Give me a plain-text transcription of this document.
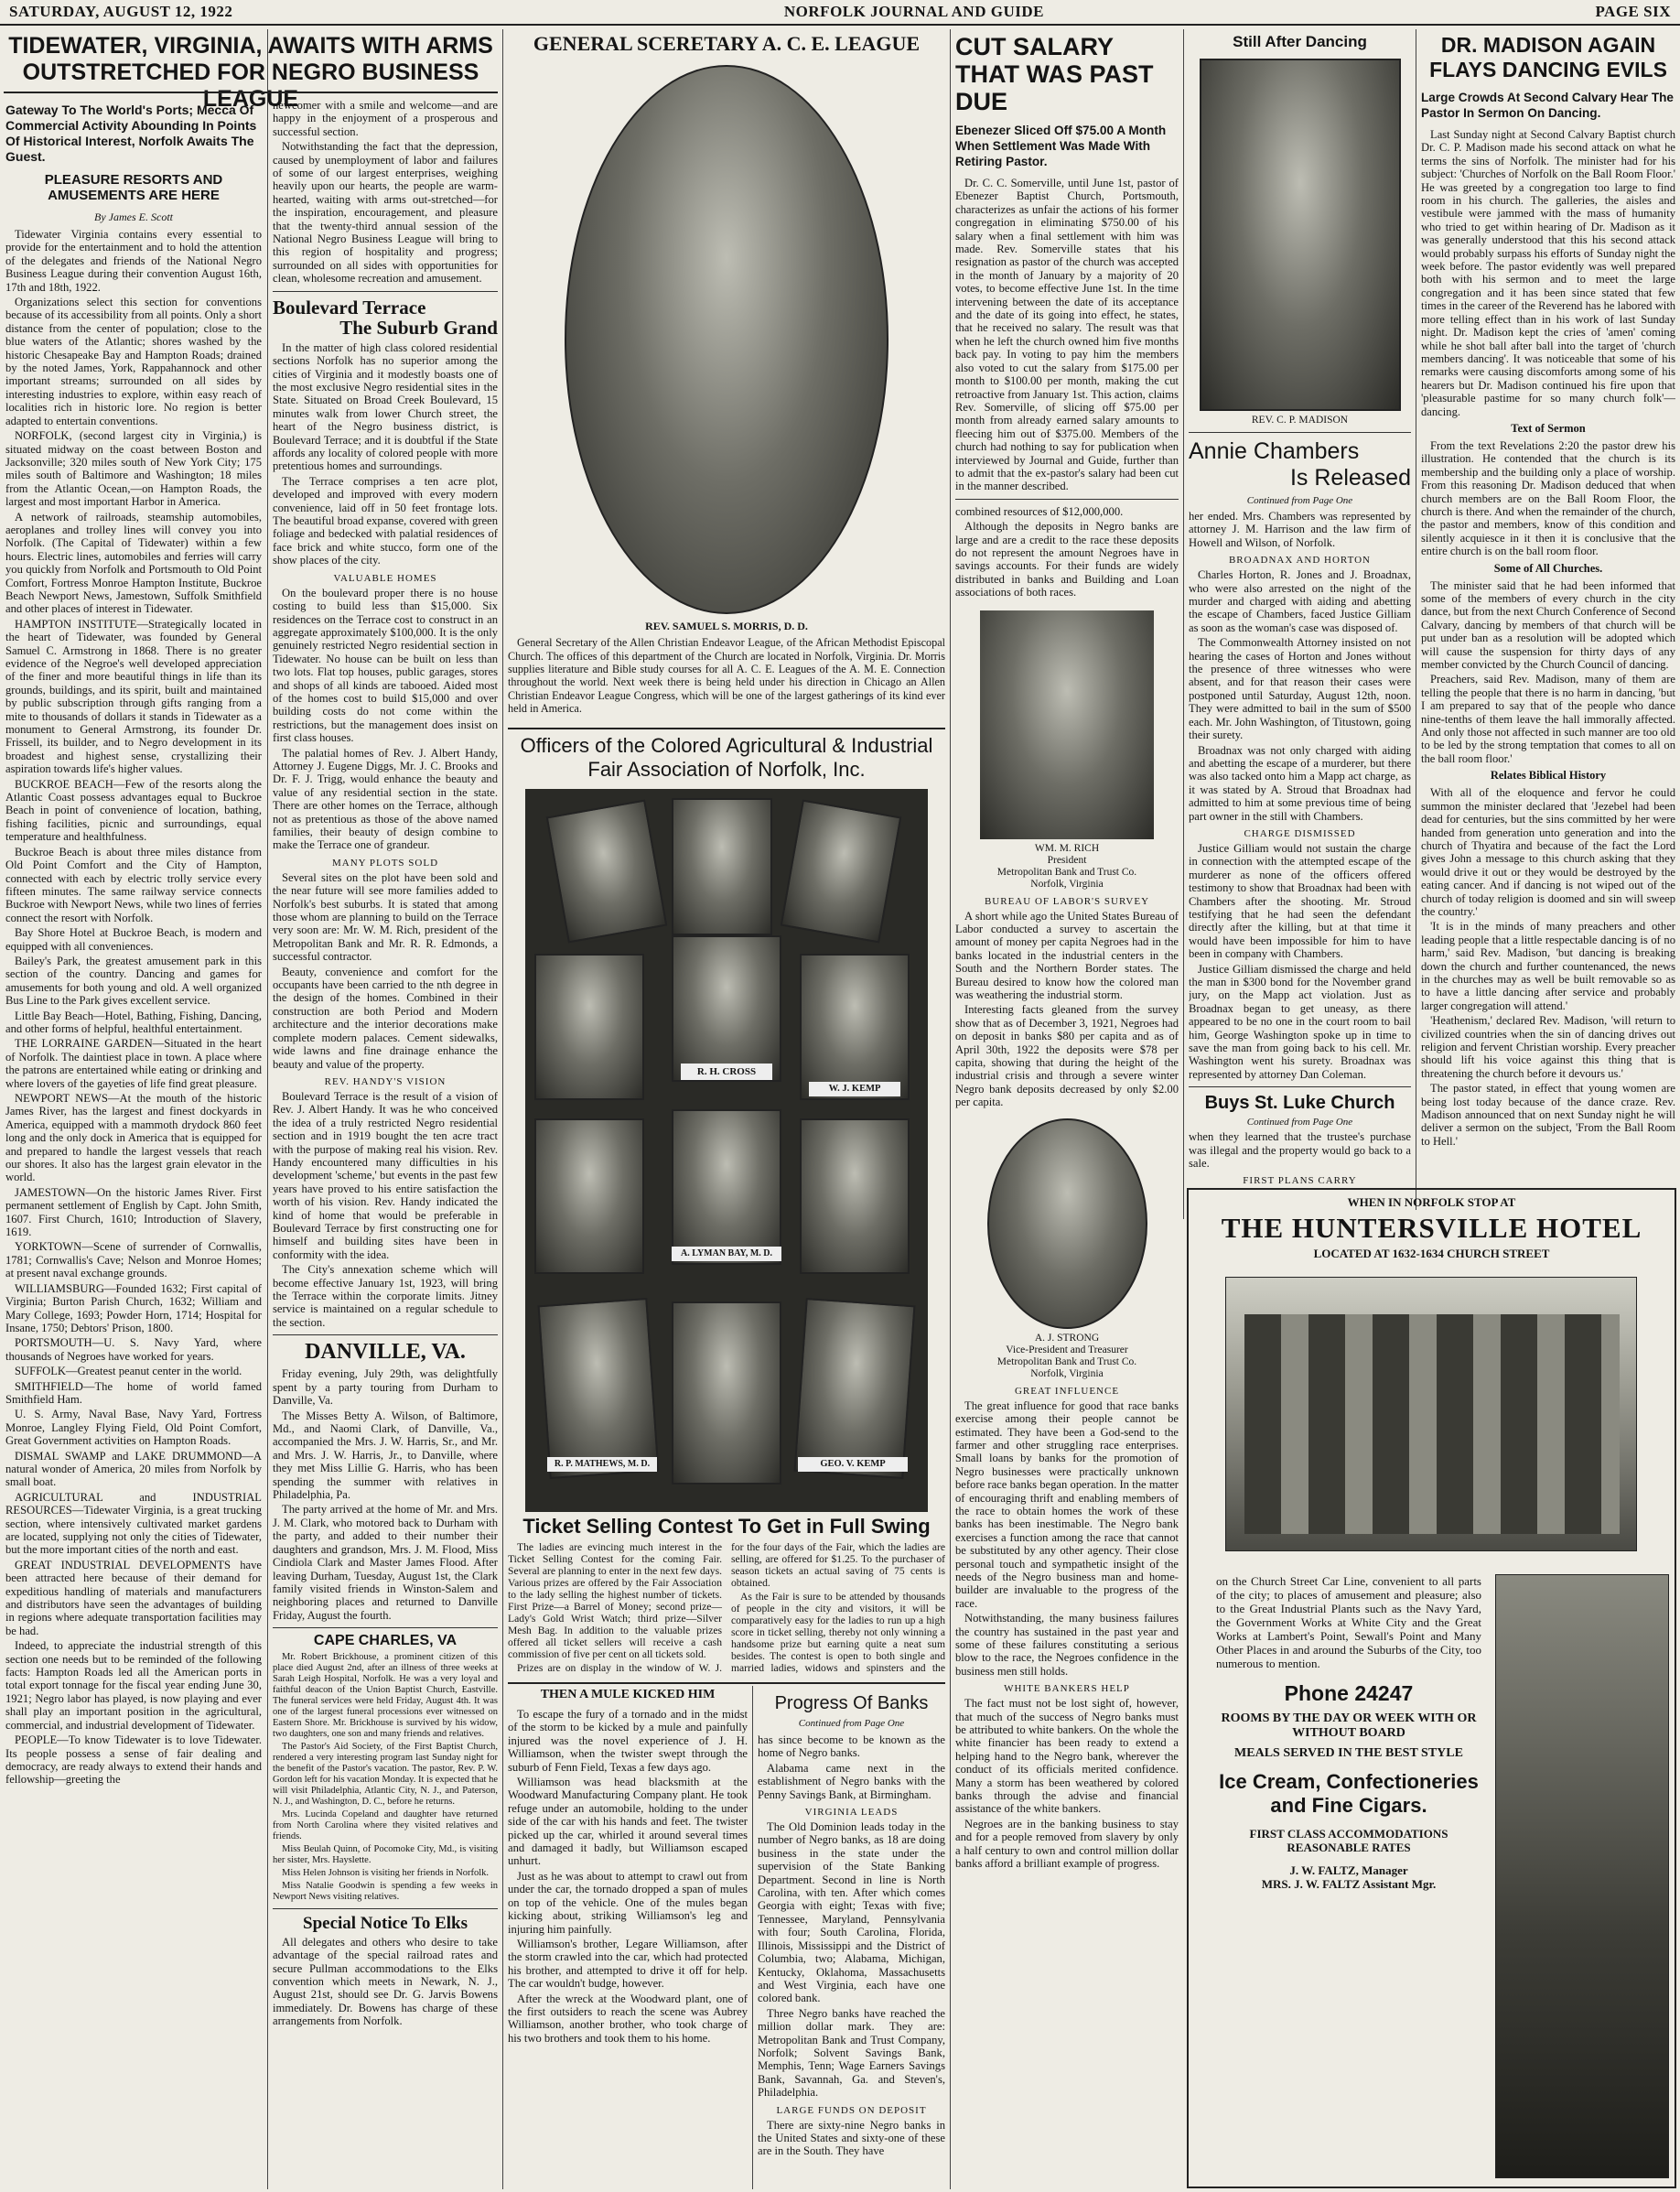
SATURDAY, AUGUST 12, 1922	NORFOLK JOURNAL AND GUIDE	PAGE SIX
TIDEWATER, VIRGINIA, AWAITS WITH ARMS OUTSTRETCHED FOR NEGRO BUSINESS LEAGUE
Gateway To The World's Ports; Mecca Of Commercial Activity Abounding In Points Of Historical Interest, Norfolk Awaits The Guest.
PLEASURE RESORTS AND AMUSEMENTS ARE HERE
By James E. Scott

Tidewater Virginia contains every essential to provide for the entertainment and to hold the attention of the delegates and friends of the National Negro Business League during their convention August 16th, 17th and 18th, 1922.

Organizations select this section for conventions because of its accessibility from all points. Only a short distance from the center of population; close to the blue waters of the Atlantic; shores washed by the historic Chesapeake Bay and Hampton Roads; drained by the noted James, York, Rappahannock and other important streams; surrounded on all sides by interesting industries to explore, within easy reach of localities rich in historic lore. No region is better adapted to entertain conventions.

NORFOLK, (second largest city in Virginia,) is situated midway on the coast between Boston and Jacksonville; 320 miles south of New York City; 175 miles south of Baltimore and Washington; 18 miles from the Atlantic Ocean,—on Hampton Roads, the largest and most important Harbor in America.

A network of railroads, steamship automobiles, aeroplanes and trolley lines will convey you into Norfolk. (The Capital of Tidewater) within a few hours. Electric lines, automobiles and ferries will carry you quickly from Norfolk and Portsmouth to Old Point Comfort, Fortress Monroe Hampton Institute, Buckroe Beach Newport News, Jamestown, Suffolk Smithfield and other places of interest in Tidewater.

HAMPTON INSTITUTE—Strategically located in the heart of Tidewater, was founded by General Samuel C. Armstrong in 1868. There is no greater evidence of the Negroe's well developed appreciation of the finer and more beautiful things in life than its grounds, buildings, and its spirit, built and maintained by public subscription through gifts ranging from a mite to thousands of dollars it stands in Tidewater as a monument to General Armstrong, its founder Dr. Frissell, its builder, and to Negro development in its broadest and highest sense, crystallizing their aspiration towards life's higher values.

BUCKROE BEACH—Few of the resorts along the Atlantic Coast possess advantages equal to Buckroe Beach in point of convenience of location, bathing, fishing facilities, picnic and surroundings, equal temperature and healthfulness.

Buckroe Beach is about three miles distance from Old Point Comfort and the City of Hampton, connected with each by electric trolly service every fifteen minutes. The same railway service connects Buckroe with Newport News, while two lines of ferries connect the resort with Norfolk.

Bay Shore Hotel at Buckroe Beach, is modern and equipped with all conveniences.

Bailey's Park, the greatest amusement park in this section of the country. Dancing and games for amusements for both young and old. A well organized Bus Line to the Park gives excellent service.

Little Bay Beach—Hotel, Bathing, Fishing, Dancing, and other forms of helpful, healthful entertainment.

THE LORRAINE GARDEN—Situated in the heart of Norfolk. The daintiest place in town. A place where the patrons are entertained while eating or drinking and where lovers of the gayeties of life find great pleasure.

NEWPORT NEWS—At the mouth of the historic James River, has the largest and finest dockyards in America, equipped with a mammoth drydock 860 feet long and the only dock in America that is equipped for and prepared to handle the largest vessels that reach our shores. It also has the largest grain elevator in the world.

JAMESTOWN—On the historic James River. First permanent settlement of English by Capt. John Smith, 1607. First Church, 1610; Introduction of Slavery, 1619.

YORKTOWN—Scene of surrender of Cornwallis, 1781; Cornwallis's Cave; Nelson and Monroe Homes; at present naval exchange grounds.

WILLIAMSBURG—Founded 1632; First capital of Virginia; Burton Parish Church, 1632; William and Mary College, 1693; Powder Horn, 1714; Hospital for Insane, 1750; Debtors' Prison, 1800.

PORTSMOUTH—U. S. Navy Yard, where thousands of Negroes have worked for years.

SUFFOLK—Greatest peanut center in the world.

SMITHFIELD—The home of world famed Smithfield Ham.

U. S. Army, Naval Base, Navy Yard, Fortress Monroe, Langley Flying Field, Old Point Comfort, Great Government activities on Hampton Roads.

DISMAL SWAMP and LAKE DRUMMOND—A natural wonder of America, 20 miles from Norfolk by small boat.

AGRICULTURAL and INDUSTRIAL RESOURCES—Tidewater Virginia, is a great trucking section, where intensively cultivated market gardens are located, supplying not only the cities of Tidewater, but the more important cities of the north and east.

GREAT INDUSTRIAL DEVELOPMENTS have been attracted here because of their demand for expeditious handling of materials and manufacturers and distributors have seen the advantages of building in regions where adequate transportation facilities may be had.

Indeed, to appreciate the industrial strength of this section one needs but to be reminded of the following facts: Hampton Roads led all the American ports in total export tonnage for the fiscal year ending June 30, 1921; Negro labor has played, is now playing and ever shall play an important position in the agricultural, commercial, and industrial development of Tidewater.

PEOPLE—To know Tidewater is to love Tidewater. Its people possess a sense of fair dealing and democracy, are ready always to extend their hands and fellowship—greeting the

newcomer with a smile and welcome—and are happy in the enjoyment of a prosperous and successful section.

Notwithstanding the fact that the depression, caused by unemployment of labor and failures of some of our largest enterprises, weighing heavily upon our hearts, the people are warm-hearted, waiting with arms out-stretched—for the inspiration, encouragement, and pleasure that the twenty-third annual session of the National Negro Business League will bring to this region of hospitality and progress; surrounded on all sides with opportunities for clean, wholesome recreation and amusement.

Boulevard Terrace
The Suburb Grand

In the matter of high class colored residential sections Norfolk has no superior among the cities of Virginia and it modestly boasts one of the most exclusive Negro residential sites in the State. Situated on Broad Creek Boulevard, 15 minutes walk from lower Church street, the heart of the Negro business district, is Boulevard Terrace; and it is doubtful if the State affords any locality of colored people with more pretentious homes and surroundings.

The Terrace comprises a ten acre plot, developed and improved with every modern convenience, laid off in 50 feet frontage lots. The beautiful broad expanse, covered with green foliage and bedecked with palatial residences of face brick and white stucco, form one of the show places of the city.

VALUABLE HOMES

On the boulevard proper there is no house costing to build less than $15,000. Six residences on the Terrace cost to construct in an aggregate approximately $100,000. It is the only genuinely restricted Negro residential section in Tidewater. No house can be built on less than two lots. Flat top houses, public garages, stores and shops of all kinds are tabooed. Aided most of the homes cost to build $15,000 and over building costs do not come within the restrictions, but the management does insist on first class houses.

The palatial homes of Rev. J. Albert Handy, Attorney J. Eugene Diggs, Mr. J. C. Brooks and Dr. F. J. Trigg, would enhance the beauty and value of any residential section in the state. There are other homes on the Terrace, although not as pretentious as those of the above named families, their beauty of design combine to make the Terrace one of grandeur.

MANY PLOTS SOLD

Several sites on the plot have been sold and the near future will see more families added to Norfolk's best suburbs. It is stated that among those whom are planning to build on the Terrace very soon are: Mr. W. M. Rich, president of the Metropolitan Bank and Mr. R. R. Edmonds, a successful contractor.

Beauty, convenience and comfort for the occupants have been carried to the nth degree in the design of the homes. Combined in their construction are both Period and Modern architecture and the interior decorations make complete modern palaces. Cement sidewalks, wide lawns and fine drainage enhance the beauty and value of the property.

REV. HANDY'S VISION

Boulevard Terrace is the result of a vision of Rev. J. Albert Handy. It was he who conceived the idea of a truly restricted Negro residential section and in 1919 bought the ten acre tract with the purpose of making real his vision. Rev. Handy encountered many difficulties in his development 'scheme,' but events in the past few years have proved to his entire satisfaction the worth of his vision. Rev. Handy indicated the kind of home that would be preferable in Boulevard Terrace by first constructing one for himself and building sites have been in conformity with the idea.

The City's annexation scheme which will become effective January 1st, 1923, will bring the Terrace within the corporate limits. Jitney service is maintained on a regular schedule to the section.

DANVILLE, VA.

Friday evening, July 29th, was delightfully spent by a party touring from Durham to Danville, Va.

The Misses Betty A. Wilson, of Baltimore, Md., and Naomi Clark, of Danville, Va., accompanied the Mrs. J. W. Harris, Sr., and Mr. and Mrs. J. W. Harris, Jr., to Danville, where they met Miss Lillie G. Harris, who has been spending the summer with relatives in Philadelphia, Pa.

The party arrived at the home of Mr. and Mrs. J. M. Clark, who motored back to Durham with the party, and added to their number their daughters and grandson, Mrs. J. M. Flood, Miss Cindiola Clark and Master James Flood. After leaving Durham, Tuesday, August 1st, the Clark family visited friends in Winston-Salem and neighboring places and returned to Danville Friday, August the fourth.

CAPE CHARLES, VA

Mr. Robert Brickhouse, a prominent citizen of this place died August 2nd, after an illness of three weeks at Sarah Leigh Hospital, Norfolk. He was a very loyal and faithful deacon of the Union Baptist Church, Eastville. The funeral services were held Friday, August 4th. It was one of the largest funeral processions ever witnessed on Eastern Shore. Mr. Brickhouse is survived by his widow, two daughters, one son and many friends and relatives.

The Pastor's Aid Society, of the First Baptist Church, rendered a very interesting program last Sunday night for the benefit of the Pastor's vacation. The pastor, Rev. P. W. Gordon left for his vacation Monday. It is expected that he will visit Philadelphia, Atlantic City, N. J., and Paterson, N. J., and Washington, D. C., before he returns.

Mrs. Lucinda Copeland and daughter have returned from North Carolina where they visited relatives and friends.

Miss Beulah Quinn, of Pocomoke City, Md., is visiting her sister, Mrs. Hayslette.

Miss Helen Johnson is visiting her friends in Norfolk.

Miss Natalie Goodwin is spending a few weeks in Newport News visiting relatives.

Special Notice To Elks

All delegates and others who desire to take advantage of the special railroad rates and secure Pullman accommodations to the Elks convention which meets in Newark, N. J., August 21st, should see Dr. G. Jarvis Bowens immediately. Dr. Bowens has charge of these arrangements from Norfolk.

GENERAL SCERETARY A. C. E. LEAGUE
REV. SAMUEL S. MORRIS, D. D.

General Secretary of the Allen Christian Endeavor League, of the African Methodist Episcopal Church. The offices of this department of the Church are located in Norfolk, Virginia. Dr. Morris supplies literature and Bible study courses for all A. C. E. Leagues of the A. M. E. Connection throughout the world. Next week there is being held under his direction in Chicago an Allen Christian Endeavor League Congress, which will be one of the largest gatherings of its kind ever held in America.

Officers of the Colored Agricultural & Industrial Fair Association of Norfolk, Inc.
R. H. CROSS
W. J. KEMP
A. LYMAN BAY, M. D.
R. P. MATHEWS, M. D.	GEO. V. KEMP
Ticket Selling Contest To Get in Full Swing

The ladies are evincing much interest in the Ticket Selling Contest for the coming Fair. Several are planning to enter in the next few days. Various prizes are offered by the Fair Association to the lady selling the highest number of tickets. First Prize—a Barrel of Money; second prize—Lady's Gold Wrist Watch; third prize—Silver Mesh Bag. In addition to the valuable prizes offered all ticket sellers will receive a cash commission of five per cent on all tickets sold.

Prizes are on display in the window of W. J.

for the four days of the Fair, which the ladies are selling, are offered for $1.25. To the purchaser of season tickets an actual saving of 75 cents is obtained.

As the Fair is sure to be attended by thousands of people in the city and visitors, it will be comparatively easy for the ladies to run up a high score in ticket selling, thereby not only winning a handsome prize but earning quite a neat sum besides. The contest is open to both single and married ladies, widows and spinsters and the

THEN A MULE KICKED HIM

To escape the fury of a tornado and in the midst of the storm to be kicked by a mule and painfully injured was the novel experience of J. H. Williamson, when the twister swept through the suburb of Fenn Field, Texas a few days ago.

Williamson was head blacksmith at the Woodward Manufacturing Company plant. He took refuge under an automobile, holding to the under side of the car with his hands and feet. The twister picked up the car, whirled it around several times and damaged it badly, but Williamson escaped unhurt.

Just as he was about to attempt to crawl out from under the car, the tornado dropped a span of mules on top of the vehicle. One of the mules began kicking about, striking Williamson's leg and injuring him painfully.

Williamson's brother, Legare Williamson, after the storm crawled into the car, which had protected his brother, and attempted to drive it off for help. The car wouldn't budge, however.

After the wreck at the Woodward plant, one of the first outsiders to reach the scene was Aubrey Williamson, another brother, who took charge of his two brothers and took them to his home.

Progress Of Banks
Continued from Page One

has since become to be known as the home of Negro banks.

Alabama came next in the establishment of Negro banks with the Penny Savings Bank, at Birmingham.

VIRGINIA LEADS

The Old Dominion leads today in the number of Negro banks, as 18 are doing business in the state under the supervision of the State Banking Department. Second in line is North Carolina, with ten. After which comes Georgia with eight; Texas with five; Tennessee, Maryland, Pennsylvania with four; South Carolina, Florida, Illinois, Mississippi and the District of Columbia, two; Alabama, Michigan, Kentucky, Oklahoma, Massachusetts and West Virginia, each have one colored bank.

Three Negro banks have reached the million dollar mark. They are: Metropolitan Bank and Trust Company, Norfolk; Solvent Savings Bank, Memphis, Tenn; Wage Earners Savings Bank, Savannah, Ga. and Steven's, Philadelphia.

LARGE FUNDS ON DEPOSIT

There are sixty-nine Negro banks in the United States and sixty-one of these are in the South. They have

CUT SALARY THAT WAS PAST DUE
Ebenezer Sliced Off $75.00 A Month When Settlement Was Made With Retiring Pastor.

Dr. C. C. Somerville, until June 1st, pastor of Ebenezer Baptist Church, Portsmouth, characterizes as unfair the actions of his former congregation in eliminating $750.00 of his salary when a final settlement with him was made. Rev. Somerville states that his resignation as pastor of the church was accepted in the month of January by a majority of 20 votes, to become effective June 1st. In the time intervening between the date of its acceptance and the date of its going into effect, he states, that he received no salary. The result was that when he left the church owned him five months back pay. In voting to pay him the members also voted to cut the salary from $175.00 per month to $100.00 per month, making the cut retroactive from January 1st. This action, claims Rev. Somerville, of slicing off $75.00 per month from already earned salary amounts to fleecing him out of $375.00. Members of the church had nothing to say for publication when interviewed by Journal and Guide, further than to admit that the ex-pastor's salary had been cut in the manner described.

combined resources of $12,000,000.

Although the deposits in Negro banks are large and are a credit to the race these deposits do not represent the amount Negroes have in savings accounts. For their funds are widely distributed in banks and Building and Loan associations of both races.

WM. M. RICH
President
Metropolitan Bank and Trust Co.
Norfolk, Virginia
BUREAU OF LABOR'S SURVEY

A short while ago the United States Bureau of Labor conducted a survey to ascertain the amount of money per capita Negroes had in the banks located in the industrial centers in the South and the Northern Border states. The Bureau desired to know how the colored man was weathering the industrial storm.

Interesting facts gleaned from the survey show that as of December 3, 1921, Negroes had on deposit in banks $80 per capita and as of April 30th, 1922 the deposits were $78 per capita, showing that during the height of the industrial crisis and through a severe winter Negro bank deposits decreased by only $2.00 per capita.

A. J. STRONG
Vice-President and Treasurer
Metropolitan Bank and Trust Co.
Norfolk, Virginia
GREAT INFLUENCE

The great influence for good that race banks exercise among their people cannot be estimated. They have been a God-send to the farmer and other struggling race enterprises. Small loans by banks for the promotion of Negro businesses were practically unknown before race banks began operation. In the matter of encouraging thrift and enabling members of the race to obtain homes the work of these banks has been inestimable. The Negro bank exercises a function among the race that cannot be substituted by any other agency. Their close personal touch and sympathetic insight of the needs of the Negro business man and home-builder are invaluable to the progress of the race.

Notwithstanding, the many business failures the country has sustained in the past year and some of these failures constituting a serious blow to the race, the Negroes confidence in the business men still holds.

WHITE BANKERS HELP

The fact must not be lost sight of, however, that much of the success of Negro banks must be attributed to white bankers. On the whole the white financier has been ready to extend a helping hand to the Negro bank, wherever the conduct of its officials merited confidence. Many a storm has been weathered by colored banks through the advise and financial assistance of the white bankers.

Negroes are in the banking business to stay and for a people removed from slavery by only a half century to own and control million dollar banks afford a brilliant example of progress.

Still After Dancing
REV. C. P. MADISON
Annie Chambers
Is Released
Continued from Page One

her ended. Mrs. Chambers was represented by attorney J. M. Harrison and the law firm of Howell and Wilson, of Norfolk.

BROADNAX AND HORTON

Charles Horton, R. Jones and J. Broadnax, who were also arrested on the night of the murder and charged with aiding and abetting the escape of Chambers, faced Justice Gilliam as soon as the woman's case was disposed of.

The Commonwealth Attorney insisted on not hearing the cases of Horton and Jones without the presence of three witnesses who were absent, and for that reason their cases were postponed until Saturday, August 12th, noon. They were admitted to bail in the sum of $500 each. Mr. John Washington, of Titustown, going their surety.

Broadnax was not only charged with aiding and abetting the escape of a murderer, but there was also tacked onto him a Mapp act charge, as it was stated by A. Stroud that Broadnax had admitted to him at some previous time of being part owner in the still with Chambers.

CHARGE DISMISSED

Justice Gilliam would not sustain the charge in connection with the attempted escape of the murderer as none of the officers offered testimony to show that Broadnax had been with Chambers after the shooting. Mr. Stroud testifying that he had seen the defendant directly after the killing, but at that time it would have been impossible for him to have been in company with Chambers.

Justice Gilliam dismissed the charge and held the man in $300 bond for the November grand jury, on the Mapp act violation. Just as Broadnax began to get uneasy, as there appeared to be no one in the court room to bail him, George Washington spoke up in time to save the man from going back to his cell. Mr. Washington went his surety. Broadnax was represented by attorney Dan Coleman.

Buys St. Luke Church
Continued from Page One

when they learned that the trustee's purchase was illegal and the property would go back to a sale.

FIRST PLANS CARRY

DR. MADISON AGAIN FLAYS DANCING EVILS
Large Crowds At Second Calvary Hear The Pastor In Sermon On Dancing.

Last Sunday night at Second Calvary Baptist church Dr. C. P. Madison made his second attack on what he terms the sins of Norfolk. The minister had for his subject: 'Churches of Norfolk on the Ball Room Floor.' He was greeted by a congregation too large to find room in his church. The galleries, the aisles and vestibule were jammed with the mass of humanity who tried to get within hearing of Dr. Madison as it was generally understood that this his second attack would probably surpass his efforts of Sunday night the week before. The pastor evidently was well prepared both with his sermon and to meet the large congregation and it has been since stated that few times in the career of the Reverend has he labored with more telling effect than in his work of last Sunday night. Dr. Madison kept the cries of 'amen' coming while he shot ball after ball into the target of 'church members dancing'. It was noticeable that some of his remarks were causing discomforts among some of his hearers but Dr. Madison continued his fire upon that 'pleasurable pastime for so many church folk'—dancing.

Text of Sermon

From the text Revelations 2:20 the pastor drew his illustration. He contended that the church is its membership and the building only a place of worship. From this reasoning Dr. Madison deduced that when church members are on the Ball Room Floor, the church is there. And when the remainder of the church, the pastor and members, know of this condition and silently acquiesce in it then it is conclusive that the entire church is on the ball room floor.

Some of All Churches.

The minister said that he had been informed that some of the members of every church in the city dance, but from the next Church Conference of Second Calvary, dancing by members of that church will be put under ban as a resolution will be adopted which will cause the suspension for thirty days of any member convicted by the Church Council of dancing.

Preachers, said Rev. Madison, many of them are telling the people that there is no harm in dancing, 'but I am prepared to say that of the people who dance nine-tenths of them leave the hall immorally affected. And only those not affected in such manner are too old to be led by the strong temptation that comes to all on the ball room floor.'

Relates Biblical History

With all of the eloquence and fervor he could summon the minister declared that 'Jezebel had been dead for centuries, but the sins committed by her were handed from generation unto generation and into the church of Thyatira and because of the fact the Lord gives John a message to this church asking that they would drive it out or they would be destroyed by the eating cancer. And if dancing is not wiped out of the church of today religion is doomed and sin will sweep the country.'

'It is in the minds of many preachers and other leading people that a little respectable dancing is of no harm,' said Rev. Madison, 'but dancing is breaking down the church and further countenanced, the news in the churches may as well be built removable so as to have a little dancing after service and probably larger congregation will attend.'

'Heathenism,' declared Rev. Madison, 'will return to civilized countries when the sin of dancing drives out religion and fervent Christian worship. Every preacher should lift his voice against this thing that is threatening the church before it devours us.'

The pastor stated, in effect that young women are being lost today because of the dance craze. Rev. Madison announced that on next Sunday night he will deliver a sermon on the subject, 'From the Ball Room to Hell.'

WHEN IN NORFOLK STOP AT
THE HUNTERSVILLE HOTEL
LOCATED AT 1632-1634 CHURCH STREET

on the Church Street Car Line, convenient to all parts of the city; to places of amusement and pleasure; also to the Great Industrial Plants such as the Navy Yard, the Government Works at White City and the Great Works at Lambert's Point, Sewall's Point and Many Other Places in and around the Suburbs of the City, too numerous to mention.

Phone 24247
ROOMS BY THE DAY OR WEEK WITH OR WITHOUT BOARD
MEALS SERVED IN THE BEST STYLE
Ice Cream, Confectioneries and Fine Cigars.
FIRST CLASS ACCOMMODATIONS REASONABLE RATES
J. W. FALTZ, Manager
MRS. J. W. FALTZ Assistant Mgr.
